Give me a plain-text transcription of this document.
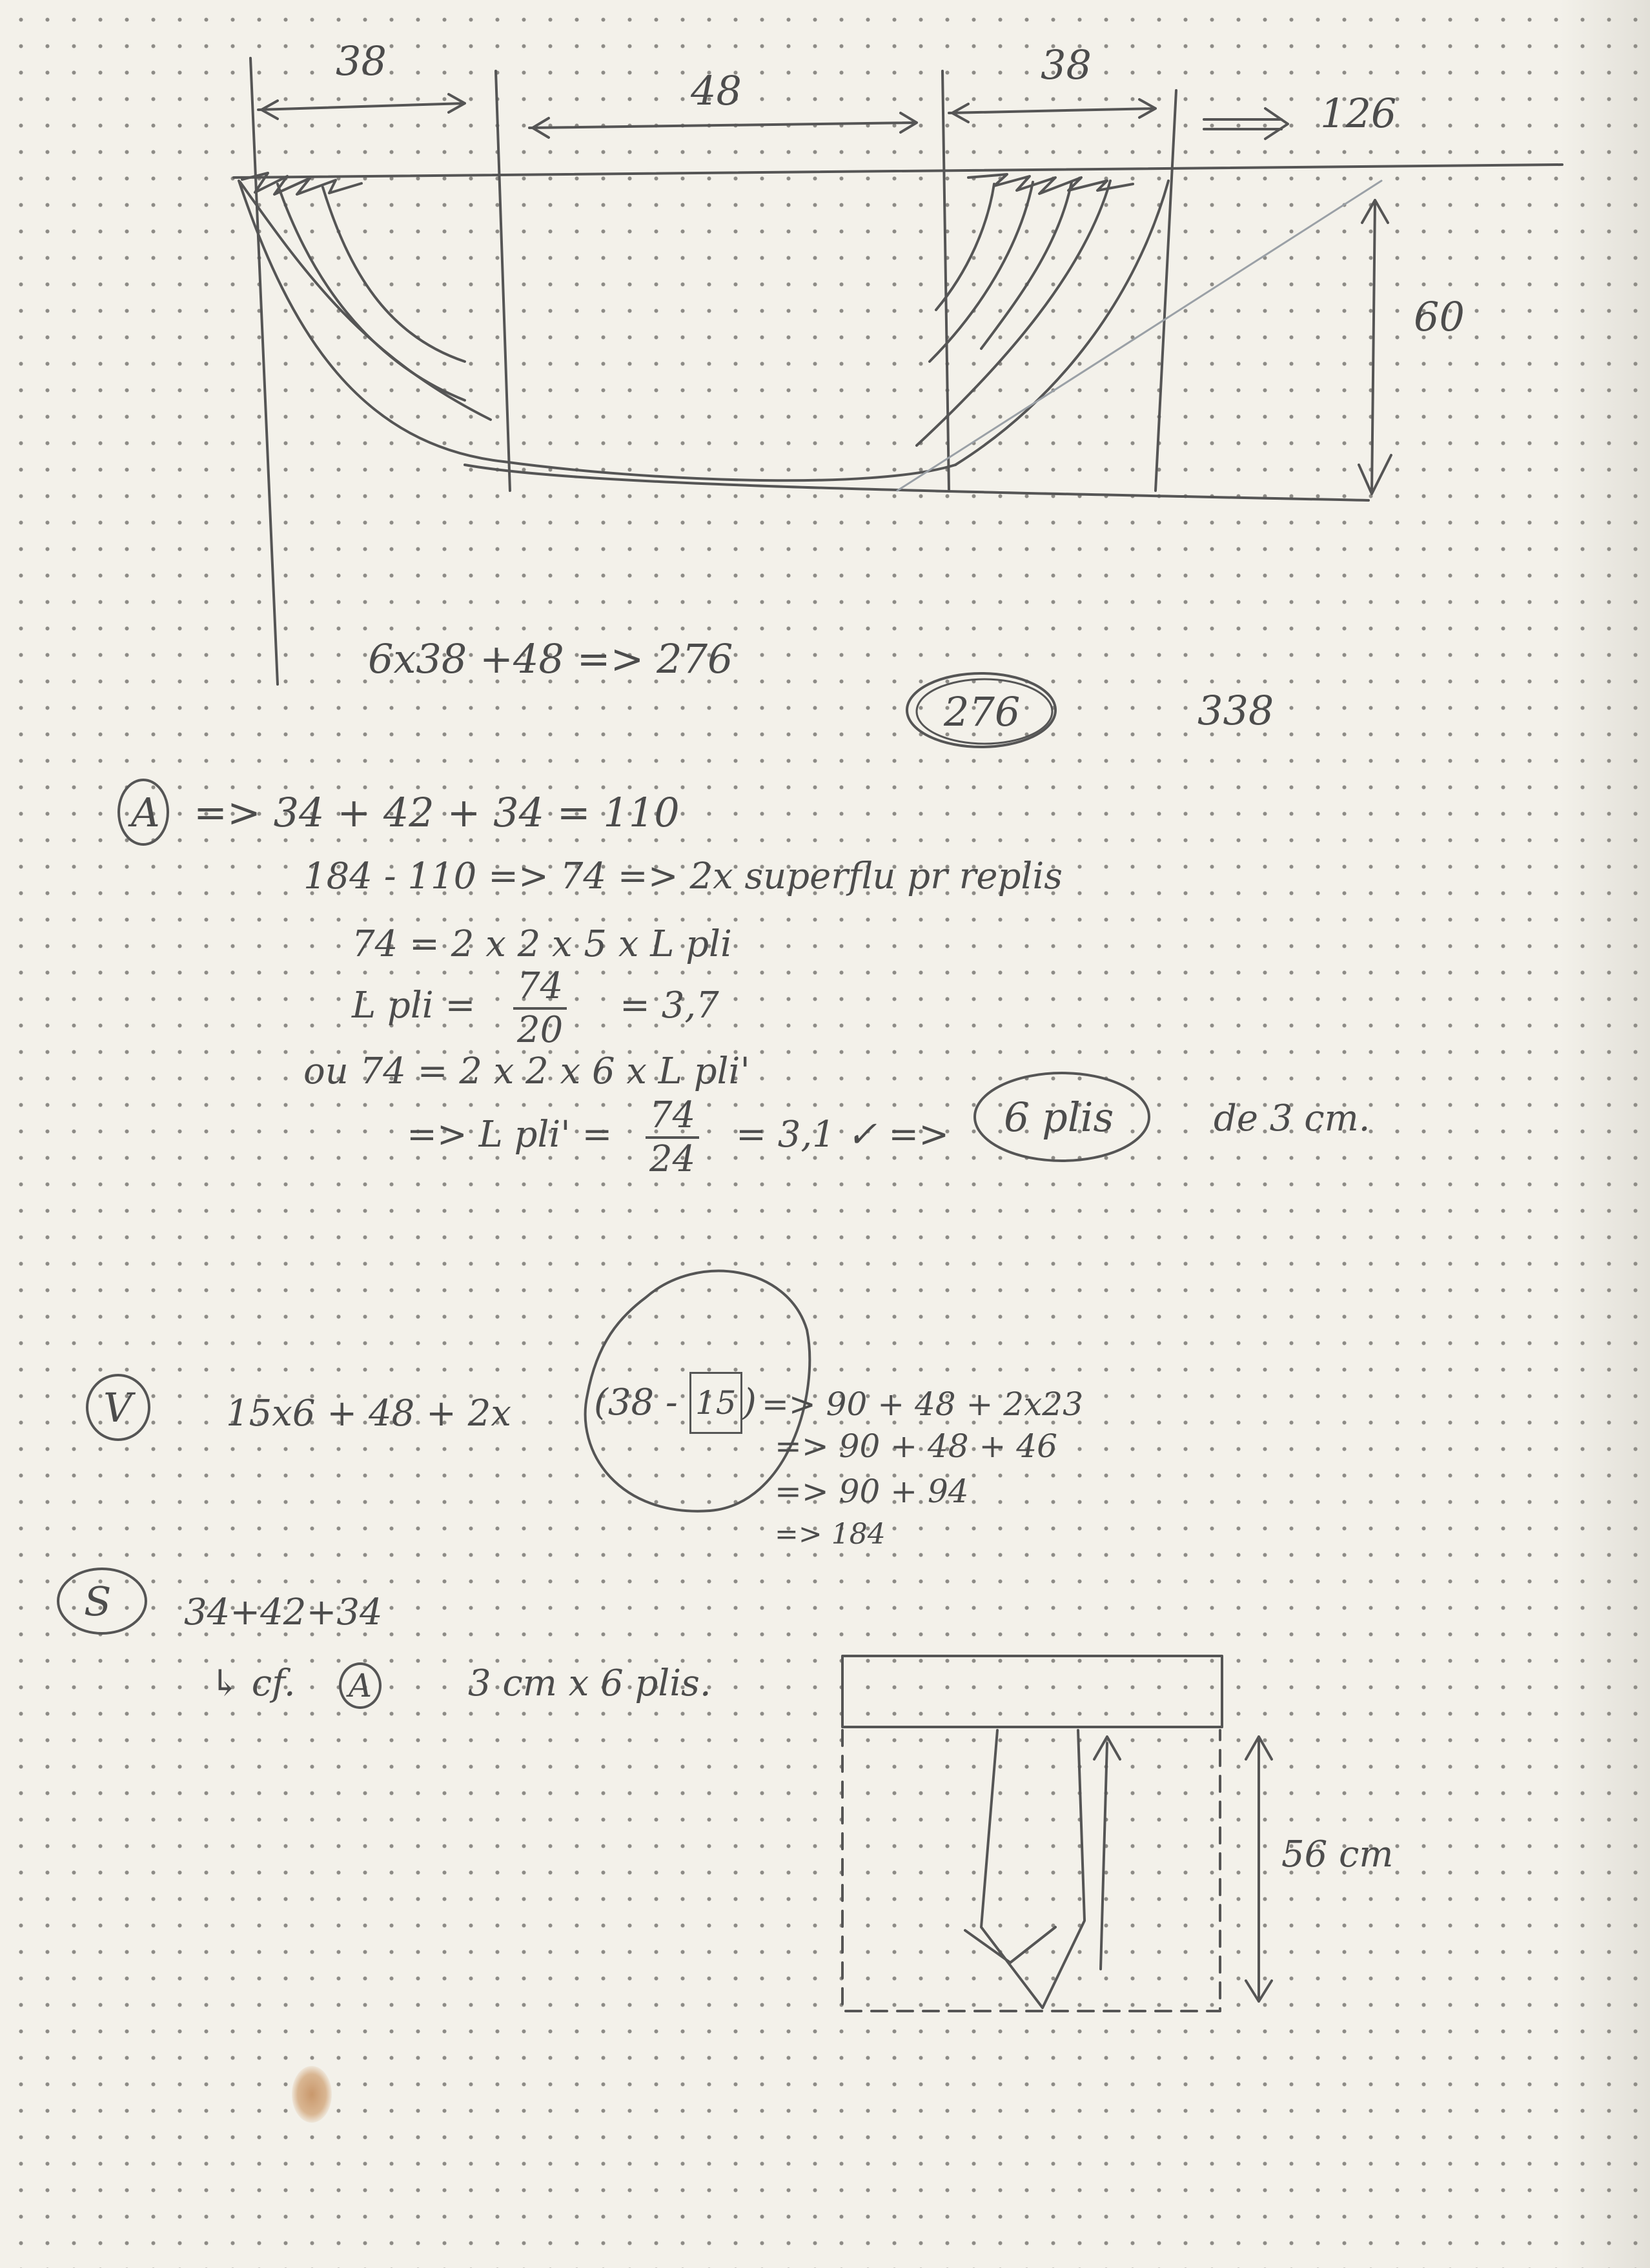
38
48
38
126
60
6x38 +48 => 276
276	338
A => 34 + 42 + 34 = 110
184 - 110 => 74 => 2x superflu pr replis
74 = 2 x 2 x 5 x L pli
L pli = $\frac{74}{20} = 3,7$
ou 74 = 2 x 2 x 6 x L pli'
=> L $pli' = \frac{74}{24} = 3,1$ ✓ => 6 plis	de 3 cm.
V	15x6 + 48 + 2x (38 - 15 ) => 90 + 48 + 2x23
=> 90 + 48 + 46
=> 90 + 94
=> 184
S 34+42+34
↳ cf. A	3 cm x 6 plis.
56 cm
